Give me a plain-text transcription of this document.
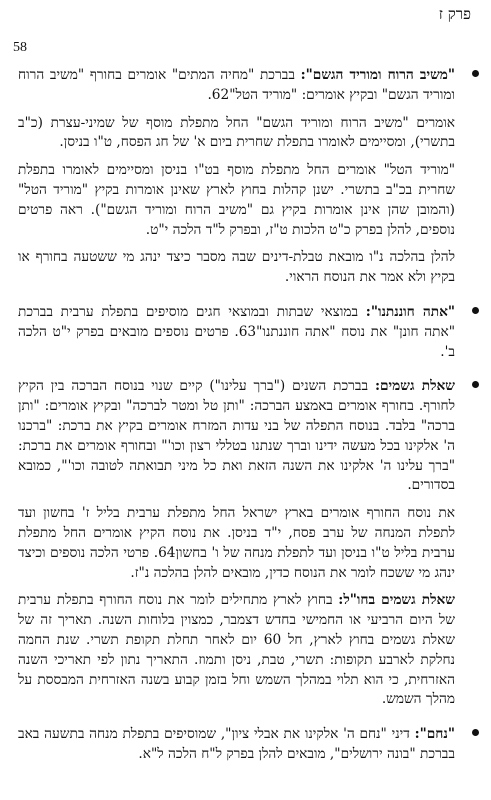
פרק ז
58

"משיב הרוח ומוריד הגשם": בברכת "מחיה המתים" אומרים בחורף "משיב הרוח ומוריד הגשם" ובקיץ אומרים: "מוריד הטל"62.

אומרים "משיב הרוח ומוריד הגשם" החל מתפלת מוסף של שמיני-עצרת (כ"ב בתשרי), ומסיימים לאומרו בתפלת שחרית ביום א' של חג הפסח, ט"ו בניסן.

"מוריד הטל" אומרים החל מתפלת מוסף בט"ו בניסן ומסיימים לאומרו בתפלת שחרית בכ"ב בתשרי. ישנן קהלות בחוץ לארץ שאינן אומרות בקיץ "מוריד הטל" (והמובן שהן אינן אומרות בקיץ גם "משיב הרוח ומוריד הגשם"). ראה פרטים נוספים, להלן בפרק כ"ט הלכות ט"ז, ובפרק ל"ד הלכה י"ט.

להלן בהלכה נ"ו מובאת טבלת-דינים שבה מסבר כיצד ינהג מי ששטעה בחורף או בקיץ ולא אמר את הנוסח הראוי.

"אתה חוננתנו": במוצאי שבתות ובמוצאי חגים מוסיפים בתפלת ערבית בברכת "אתה חונן" את נוסח "אתה חוננתנו"63. פרטים נוספים מובאים בפרק י"ט הלכה ב'.

שאלת גשמים: בברכת השנים ("ברך עלינו") קיים שנוי בנוסח הברכה בין הקיץ לחורף. בחורף אומרים באמצע הברכה: "ותן טל ומטר לברכה" ובקיץ אומרים: "ותן ברכה" בלבד. בנוסח התפלה של בני עדות המזרח אומרים בקיץ את ברכת: "ברכנו ה' אלקינו בכל מעשה ידינו וברך שנתנו בטללי רצון וכו'" ובחורף אומרים את ברכת: "ברך עלינו ה' אלקינו את השנה הזאת ואת כל מיני תבואתה לטובה וכו'", כמובא בסדורים.

את נוסח החורף אומרים בארץ ישראל החל מתפלת ערבית בליל ז' בחשון ועד לתפלת המנחה של ערב פסח, י"ד בניסן. את נוסח הקיץ אומרים החל מתפלת ערבית בליל ט"ו בניסן ועד לתפלת מנחה של ו' בחשון64. פרטי הלכה נוספים וכיצד ינהג מי ששכח לומר את הנוסח כדין, מובאים להלן בהלכה נ"ז.

שאלת גשמים בחו"ל: בחוץ לארץ מתחילים לומר את נוסח החורף בתפלת ערבית של היום הרביעי או החמישי בחדש דצמבר, כמצוין בלוחות השנה. תאריך זה של שאלת גשמים בחוץ לארץ, חל 60 יום לאחר תחלת תקופת תשרי. שנת החמה נחלקת לארבע תקופות: תשרי, טבת, ניסן ותמוז. התאריך נתון לפי תאריכי השנה האזרחית, כי הוא תלוי במהלך השמש וחל בזמן קבוע בשנה האזרחית המבססת על מהלך השמש.

"נחם": דיני "נחם ה' אלקינו את אבלי ציון", שמוסיפים בתפלת מנחה בתשעה באב בברכת "בונה ירושלים", מובאים להלן בפרק ל"ח הלכה ל"א.
